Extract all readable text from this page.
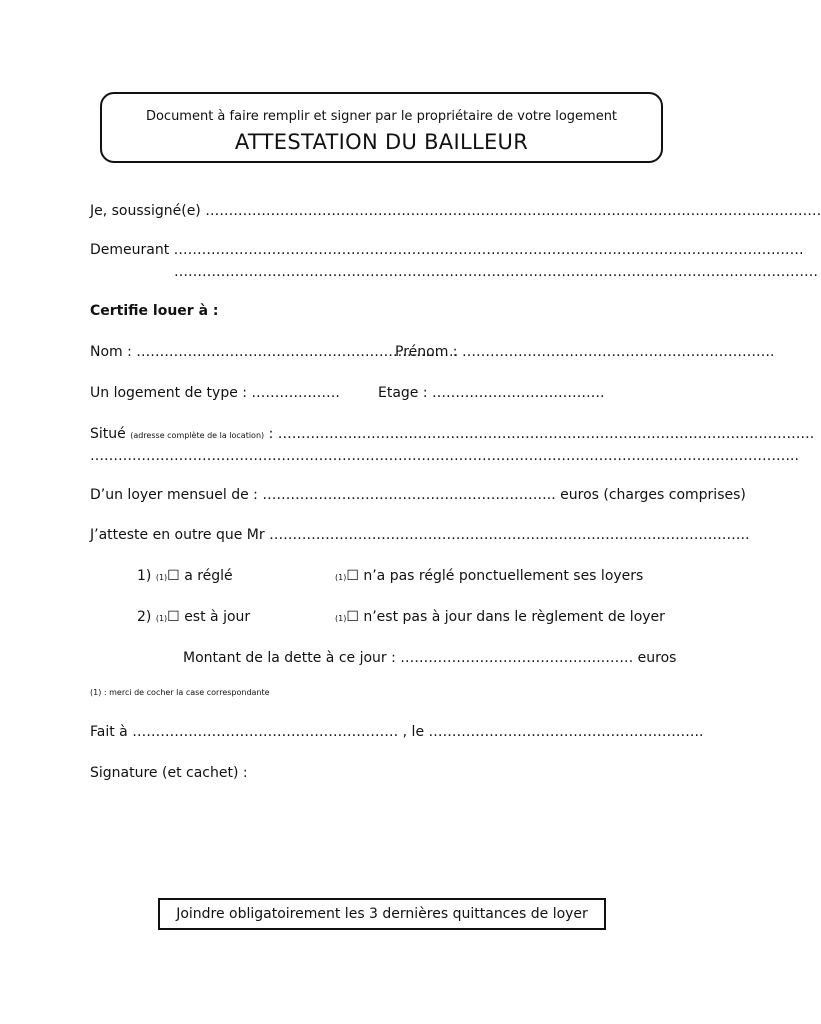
Document à faire remplir et signer par le propriétaire de votre logement
ATTESTATION DU BAILLEUR
Je, soussigné(e) ……………………………………………………………………………………………………………………
Demeurant ………………………………………………………………………………………………………………………
…………………………………………………………………………………………………………………………
Certifie louer à :
Nom : ……………………………………………………………
Prénom : ………………………………………………………….
Un logement de type : ……………….	Etage : ……………………………….
Situé (adresse complète de la location) : …………………………………………………………………………………………………….
……………………………………………………………………………………………………………………………………..
D’un loyer mensuel de : …………………………………….……………….. euros (charges comprises)
J’atteste en outre que Mr ………………………………………………………………………………………….
1) (1)☐ a réglé	(1)☐ n’a pas réglé ponctuellement ses loyers
2) (1)☐ est à jour	(1)☐ n’est pas à jour dans le règlement de loyer
Montant de la dette à ce jour : ……………………………………..…… euros
(1) : merci de cocher la case correspondante
Fait à ………………………………………………… , le …………………………………………………..
Signature (et cachet) :
Joindre obligatoirement les 3 dernières quittances de loyer
